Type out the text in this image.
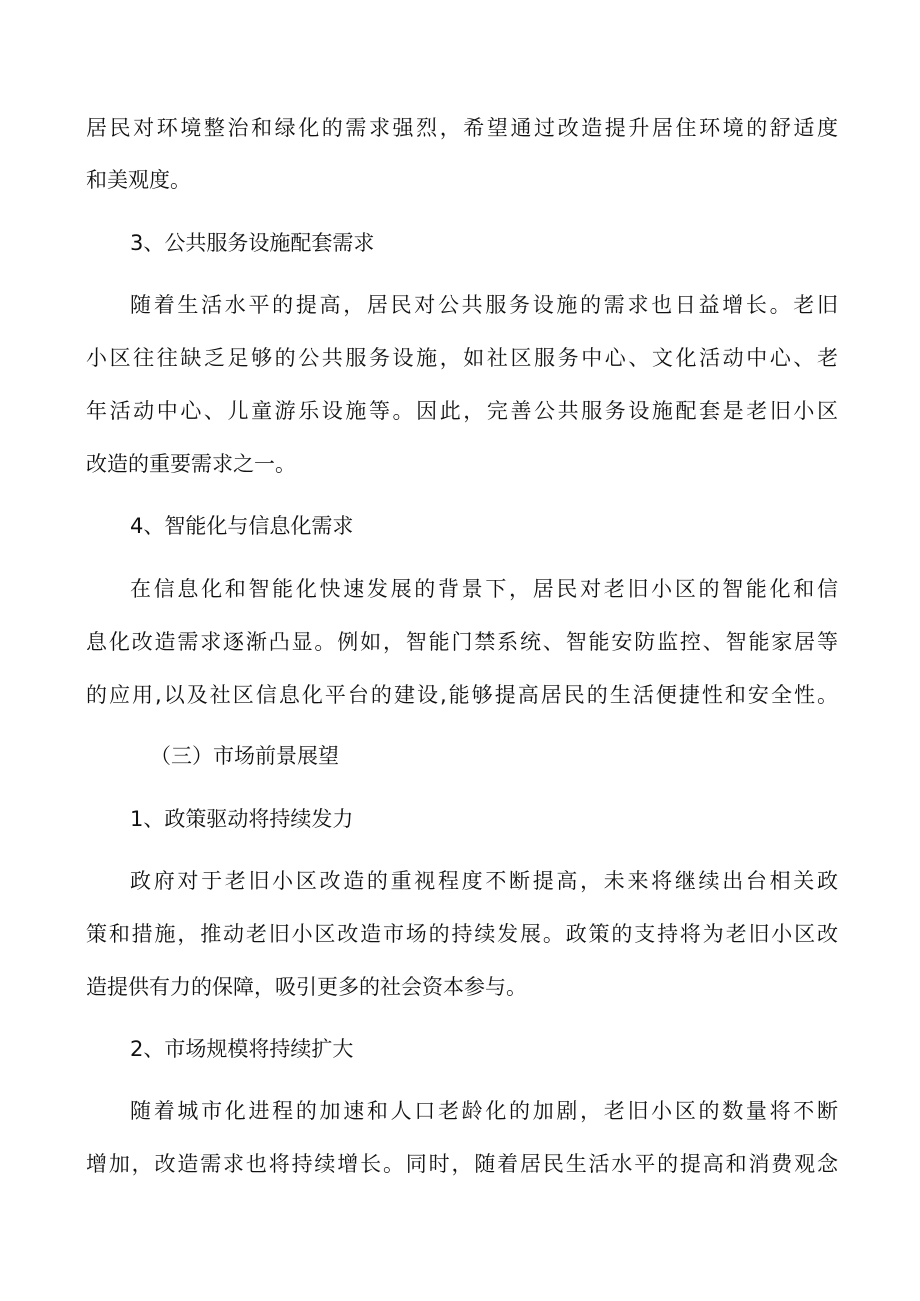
居民对环境整治和绿化的需求强烈，希望通过改造提升居住环境的舒适度
和美观度。
3、公共服务设施配套需求
随着生活水平的提高，居民对公共服务设施的需求也日益增长。老旧
小区往往缺乏足够的公共服务设施，如社区服务中心、文化活动中心、老
年活动中心、儿童游乐设施等。因此，完善公共服务设施配套是老旧小区
改造的重要需求之一。
4、智能化与信息化需求
在信息化和智能化快速发展的背景下，居民对老旧小区的智能化和信
息化改造需求逐渐凸显。例如，智能门禁系统、智能安防监控、智能家居等
的应用,以及社区信息化平台的建设,能够提高居民的生活便捷性和安全性。
（三）市场前景展望
1、政策驱动将持续发力
政府对于老旧小区改造的重视程度不断提高，未来将继续出台相关政
策和措施，推动老旧小区改造市场的持续发展。政策的支持将为老旧小区改
造提供有力的保障，吸引更多的社会资本参与。
2、市场规模将持续扩大
随着城市化进程的加速和人口老龄化的加剧，老旧小区的数量将不断
增加，改造需求也将持续增长。同时，随着居民生活水平的提高和消费观念
